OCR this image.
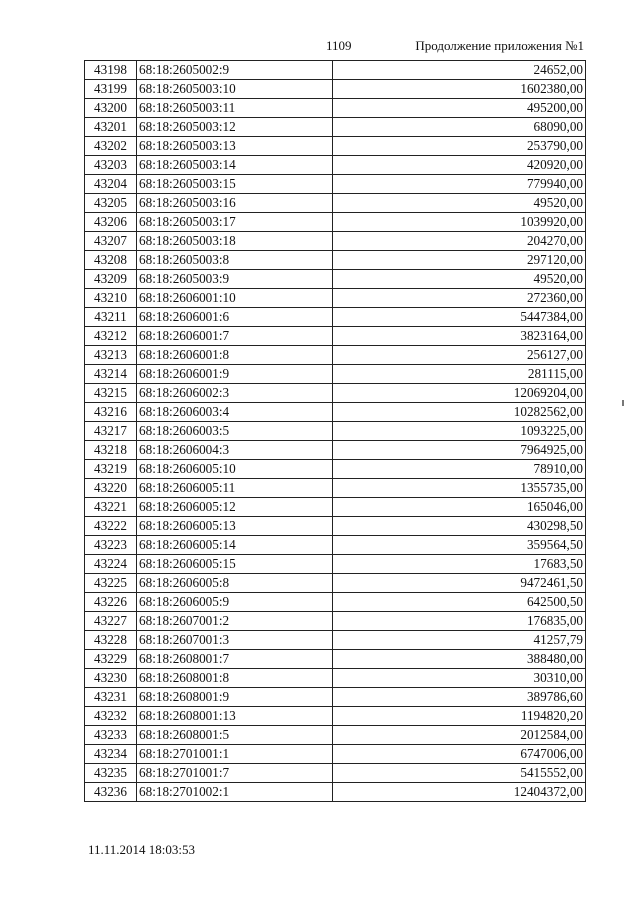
1109	Продолжение приложения №1
43198	68:18:2605002:9	24652,00
43199	68:18:2605003:10	1602380,00
43200	68:18:2605003:11	495200,00
43201	68:18:2605003:12	68090,00
43202	68:18:2605003:13	253790,00
43203	68:18:2605003:14	420920,00
43204	68:18:2605003:15	779940,00
43205	68:18:2605003:16	49520,00
43206	68:18:2605003:17	1039920,00
43207	68:18:2605003:18	204270,00
43208	68:18:2605003:8	297120,00
43209	68:18:2605003:9	49520,00
43210	68:18:2606001:10	272360,00
43211	68:18:2606001:6	5447384,00
43212	68:18:2606001:7	3823164,00
43213	68:18:2606001:8	256127,00
43214	68:18:2606001:9	281115,00
43215	68:18:2606002:3	12069204,00
43216	68:18:2606003:4	10282562,00
43217	68:18:2606003:5	1093225,00
43218	68:18:2606004:3	7964925,00
43219	68:18:2606005:10	78910,00
43220	68:18:2606005:11	1355735,00
43221	68:18:2606005:12	165046,00
43222	68:18:2606005:13	430298,50
43223	68:18:2606005:14	359564,50
43224	68:18:2606005:15	17683,50
43225	68:18:2606005:8	9472461,50
43226	68:18:2606005:9	642500,50
43227	68:18:2607001:2	176835,00
43228	68:18:2607001:3	41257,79
43229	68:18:2608001:7	388480,00
43230	68:18:2608001:8	30310,00
43231	68:18:2608001:9	389786,60
43232	68:18:2608001:13	1194820,20
43233	68:18:2608001:5	2012584,00
43234	68:18:2701001:1	6747006,00
43235	68:18:2701001:7	5415552,00
43236	68:18:2701002:1	12404372,00
11.11.2014 18:03:53
